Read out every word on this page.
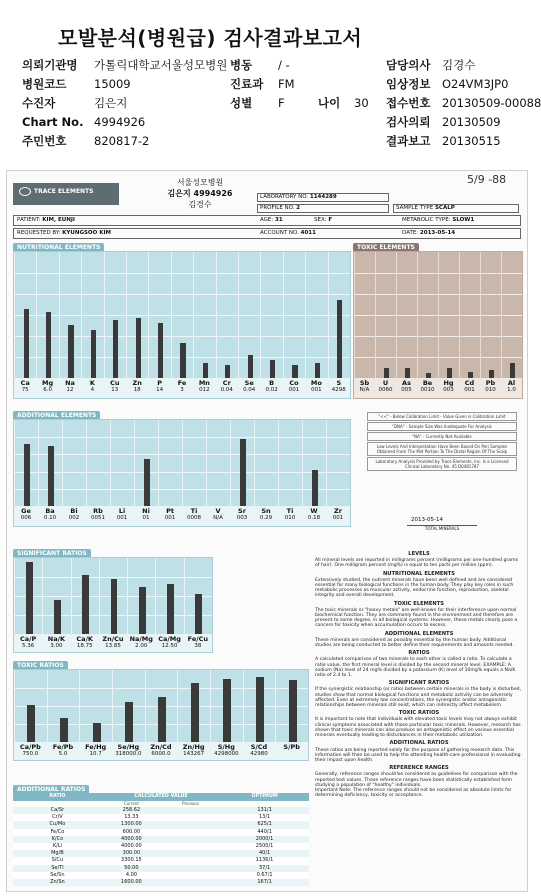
모발분석(병원급) 검사결과보고서
의뢰기관명 가톨릭대학교서울성모병원 병동 / -	담당의사 김경수
병원코드 15009	진료과 FM	임상정보 O24VM3JP0
수진자	김은지	성별 F	나이 30 접수번호 20130509-00088
Chart No. 4994926	검사의뢰 20130509
주민번호 820817-2	결과보고 20130515
5/9 -88
TRACE ELEMENTS
서울성모병원
김은지 4994926
김경수
LABORATORY NO. 1144289
PROFILE NO. 2	SAMPLE TYPE SCALP
PATIENT: KIM, EUNJI	AGE: 31	SEX: F	METABOLIC TYPE: SLOW1
REQUESTED BY: KYUNGSOO KIM	ACCOUNT NO. 4011	DATE: 2013-05-14
NUTRITIONAL ELEMENTS
Ca
75
Mg
6.0
Na
12
K
4
Cu
13
Zn
18
P
14
Fe
3
Mn
012
Cr
0.04
Se
0.04
B
0.02
Co
001
Mo
001
S
4298
TOXIC ELEMENTS
Sb
N/A
U
0060
As
005
Be
0010
Hg
003
Cd
001
Pb
010
Al
1.0
ADDITIONAL ELEMENTS
Ge
006
Ba
0.10
Bi
002
Rb
0051
Li
001
Ni
01
Pt
001
Ti
0008
V
N/A
Sr
003
Sn
0.29
Ti
010
W
0.18
Zr
001
"<<" - Below Calibration Limit - Value Given is Calibration Limit
"DNA" - Sample Size Was Inadequate For Analysis
"NA" - Currently Not Available
Low Levels And Interpretation Have Been Based On Peri Samples Obtained From The Mid Portion To The Distal Region Of The Scalp
Laboratory Analysis Provided by Trace Elements, Inc. Is a Licensed Clinical Laboratory No. 45 D0481787
2013-05-14
TOTAL MINERALS
SIGNIFICANT RATIOS
Ca/P
5.36
Na/K
3.00
Ca/K
18.75
Zn/Cu
13.85
Na/Mg
2.00
Ca/Mg
12.50
Fe/Cu
38
TOXIC RATIOS
Ca/Pb
750.0
Fe/Pb
5.0
Fe/Hg
10.7
Se/Hg
318000.0
Zn/Cd
6000.0
Zn/Hg
143267
S/Hg
4298000
S/Cd
42980
S/Pb
ADDITIONAL RATIOS
RATIO	CALCULATED VALUE	OPTIMUM
Current	Previous
Ca/Sr	258.62	131/1
Cr/V	13.33	13/1
Cu/Mo	1300.00	625/1
Fe/Co	600.00	440/1
K/Co	4000.00	2000/1
K/Li	4000.00	2500/1
Mg/B	300.00	40/1
S/Cu	3300.15	1136/1
Se/Tl	50.00	37/1
Se/Sn	4.00	0.67/1
Zn/Sn	1600.00	167/1
LEVELS

All mineral levels are reported in milligrams percent (milligrams per one-hundred grams of hair). One milligram percent (mg%) is equal to ten parts per million (ppm).

NUTRITIONAL ELEMENTS

Extensively studied, the nutrient minerals have been well defined and are considered essential for many biological functions in the human body. They play key roles in such metabolic processes as muscular activity, endocrine function, reproduction, skeletal integrity and overall development.

TOXIC ELEMENTS

The toxic minerals or "heavy metals" are well-known for their interference upon normal biochemical function. They are commonly found in the environment and therefore are present to some degree, in all biological systems. However, these metals clearly pose a concern for toxicity when accumulation occurs to excess.

ADDITIONAL ELEMENTS

These minerals are considered as possibly essential by the human body. Additional studies are being conducted to better define their requirements and amounts needed.

RATIOS

A calculated comparison of two minerals to each other is called a ratio. To calculate a ratio value, the first mineral level is divided by the second mineral level. EXAMPLE: A sodium (Na) level of 24 mg% divided by a potassium (K) level of 10mg% equals a Na/K ratio of 2.4 to 1.

SIGNIFICANT RATIOS

If the synergistic relationship (or ratio) between certain minerals in the body is disturbed, studies show that normal biological functions and metabolic activity can be adversely affected. Even at extremely low concentrations, the synergistic and/or antagonistic relationships between minerals still exist, which can indirectly affect metabolism.

TOXIC RATIOS

It is important to note that individuals with elevated toxic levels may not always exhibit clinical symptoms associated with those particular toxic minerals. However, research has shown that toxic minerals can also produce an antagonistic effect on various essential minerals eventually leading to disturbances in their metabolic utilization.

ADDITIONAL RATIOS

These ratios are being reported solely for the purpose of gathering research data. This information will then be used to help the attending health-care professional in evaluating their impact upon health.

REFERENCE RANGES

Generally, reference ranges should be considered as guidelines for comparison with the reported test values. These reference ranges have been statistically established form studying a population of "healthy" individuals.

Important Note: The reference ranges should not be considered as absolute limits for determining deficiency, toxicity or acceptance.
